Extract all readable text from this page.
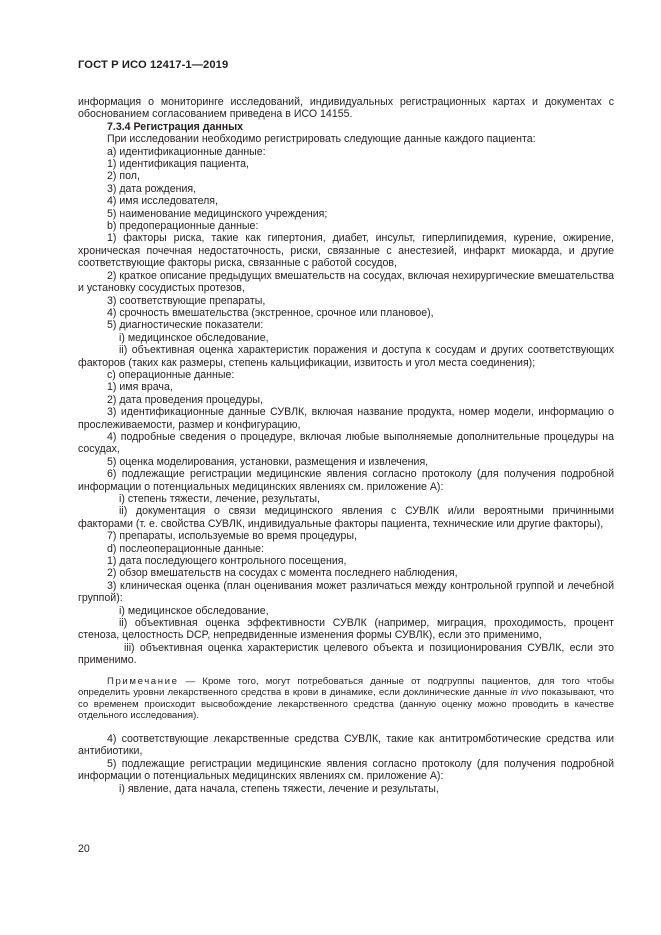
ГОСТ Р ИСО 12417-1—2019

информация о мониторинге исследований, индивидуальных регистрационных картах и документах с обоснованием согласованием приведена в ИСО 14155.

7.3.4 Регистрация данных

При исследовании необходимо регистрировать следующие данные каждого пациента:

a) идентификационные данные:

1) идентификация пациента,

2) пол,

3) дата рождения,

4) имя исследователя,

5) наименование медицинского учреждения;

b) предоперационные данные:

1) факторы риска, такие как гипертония, диабет, инсульт, гиперлипидемия, курение, ожирение, хроническая почечная недостаточность, риски, связанные с анестезией, инфаркт миокарда, и другие соответствующие факторы риска, связанные с работой сосудов,

2) краткое описание предыдущих вмешательств на сосудах, включая нехирургические вмешательства и установку сосудистых протезов,

3) соответствующие препараты,

4) срочность вмешательства (экстренное, срочное или плановое),

5) диагностические показатели:

i) медицинское обследование,

ii) объективная оценка характеристик поражения и доступа к сосудам и других соответствующих факторов (таких как размеры, степень кальцификации, извитость и угол места соединения);

c) операционные данные:

1) имя врача,

2) дата проведения процедуры,

3) идентификационные данные СУВЛК, включая название продукта, номер модели, информацию о прослеживаемости, размер и конфигурацию,

4) подробные сведения о процедуре, включая любые выполняемые дополнительные процедуры на сосудах,

5) оценка моделирования, установки, размещения и извлечения,

6) подлежащие регистрации медицинские явления согласно протоколу (для получения подробной информации о потенциальных медицинских явлениях см. приложение А):

i) степень тяжести, лечение, результаты,

ii) документация о связи медицинского явления с СУВЛК и/или вероятными причинными факторами (т. е. свойства СУВЛК, индивидуальные факторы пациента, технические или другие факторы),

7) препараты, используемые во время процедуры,

d) послеоперационные данные:

1) дата последующего контрольного посещения,

2) обзор вмешательств на сосудах с момента последнего наблюдения,

3) клиническая оценка (план оценивания может различаться между контрольной группой и лечебной группой):

i) медицинское обследование,

ii) объективная оценка эффективности СУВЛК (например, миграция, проходимость, процент стеноза, целостность DCP, непредвиденные изменения формы СУВЛК), если это применимо,

iii) объективная оценка характеристик целевого объекта и позиционирования СУВЛК, если это применимо.

Примечание — Кроме того, могут потребоваться данные от подгруппы пациентов, для того чтобы определить уровни лекарственного средства в крови в динамике, если доклинические данные in vivo показывают, что со временем происходит высвобождение лекарственного средства (данную оценку можно проводить в качестве отдельного исследования).

4) соответствующие лекарственные средства СУВЛК, такие как антитромботические средства или антибиотики,

5) подлежащие регистрации медицинские явления согласно протоколу (для получения подробной информации о потенциальных медицинских явлениях см. приложение А):

i) явление, дата начала, степень тяжести, лечение и результаты,

20
